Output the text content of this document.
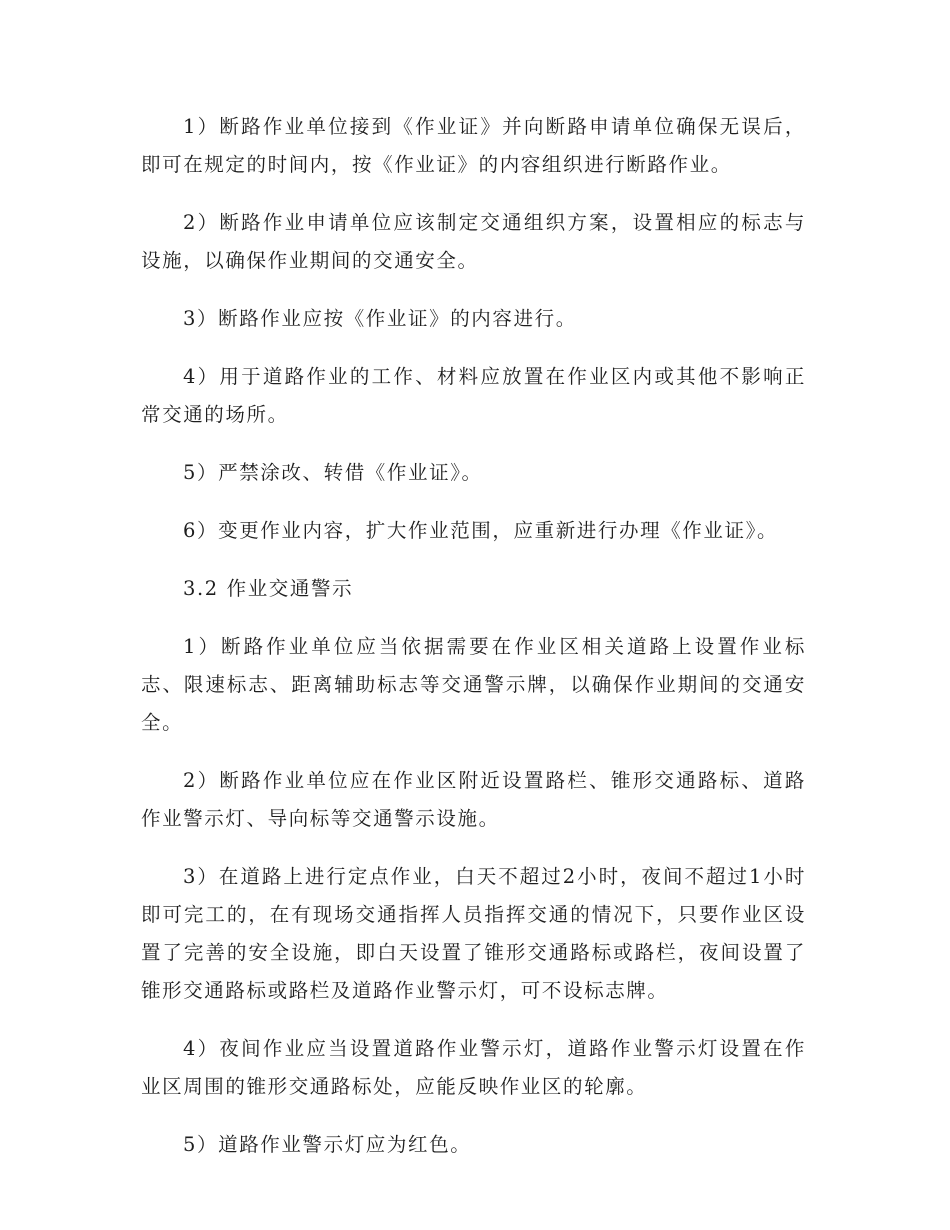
1）断路作业单位接到《作业证》并向断路申请单位确保无误后，即可在规定的时间内，按《作业证》的内容组织进行断路作业。

2）断路作业申请单位应该制定交通组织方案，设置相应的标志与设施，以确保作业期间的交通安全。

3）断路作业应按《作业证》的内容进行。

4）用于道路作业的工作、材料应放置在作业区内或其他不影响正常交通的场所。

5）严禁涂改、转借《作业证》。

6）变更作业内容，扩大作业范围，应重新进行办理《作业证》。

3.2 作业交通警示

1）断路作业单位应当依据需要在作业区相关道路上设置作业标志、限速标志、距离辅助标志等交通警示牌，以确保作业期间的交通安全。

2）断路作业单位应在作业区附近设置路栏、锥形交通路标、道路作业警示灯、导向标等交通警示设施。

3）在道路上进行定点作业，白天不超过2小时，夜间不超过1小时即可完工的，在有现场交通指挥人员指挥交通的情况下，只要作业区设置了完善的安全设施，即白天设置了锥形交通路标或路栏，夜间设置了锥形交通路标或路栏及道路作业警示灯，可不设标志牌。

4）夜间作业应当设置道路作业警示灯，道路作业警示灯设置在作业区周围的锥形交通路标处，应能反映作业区的轮廓。

5）道路作业警示灯应为红色。
